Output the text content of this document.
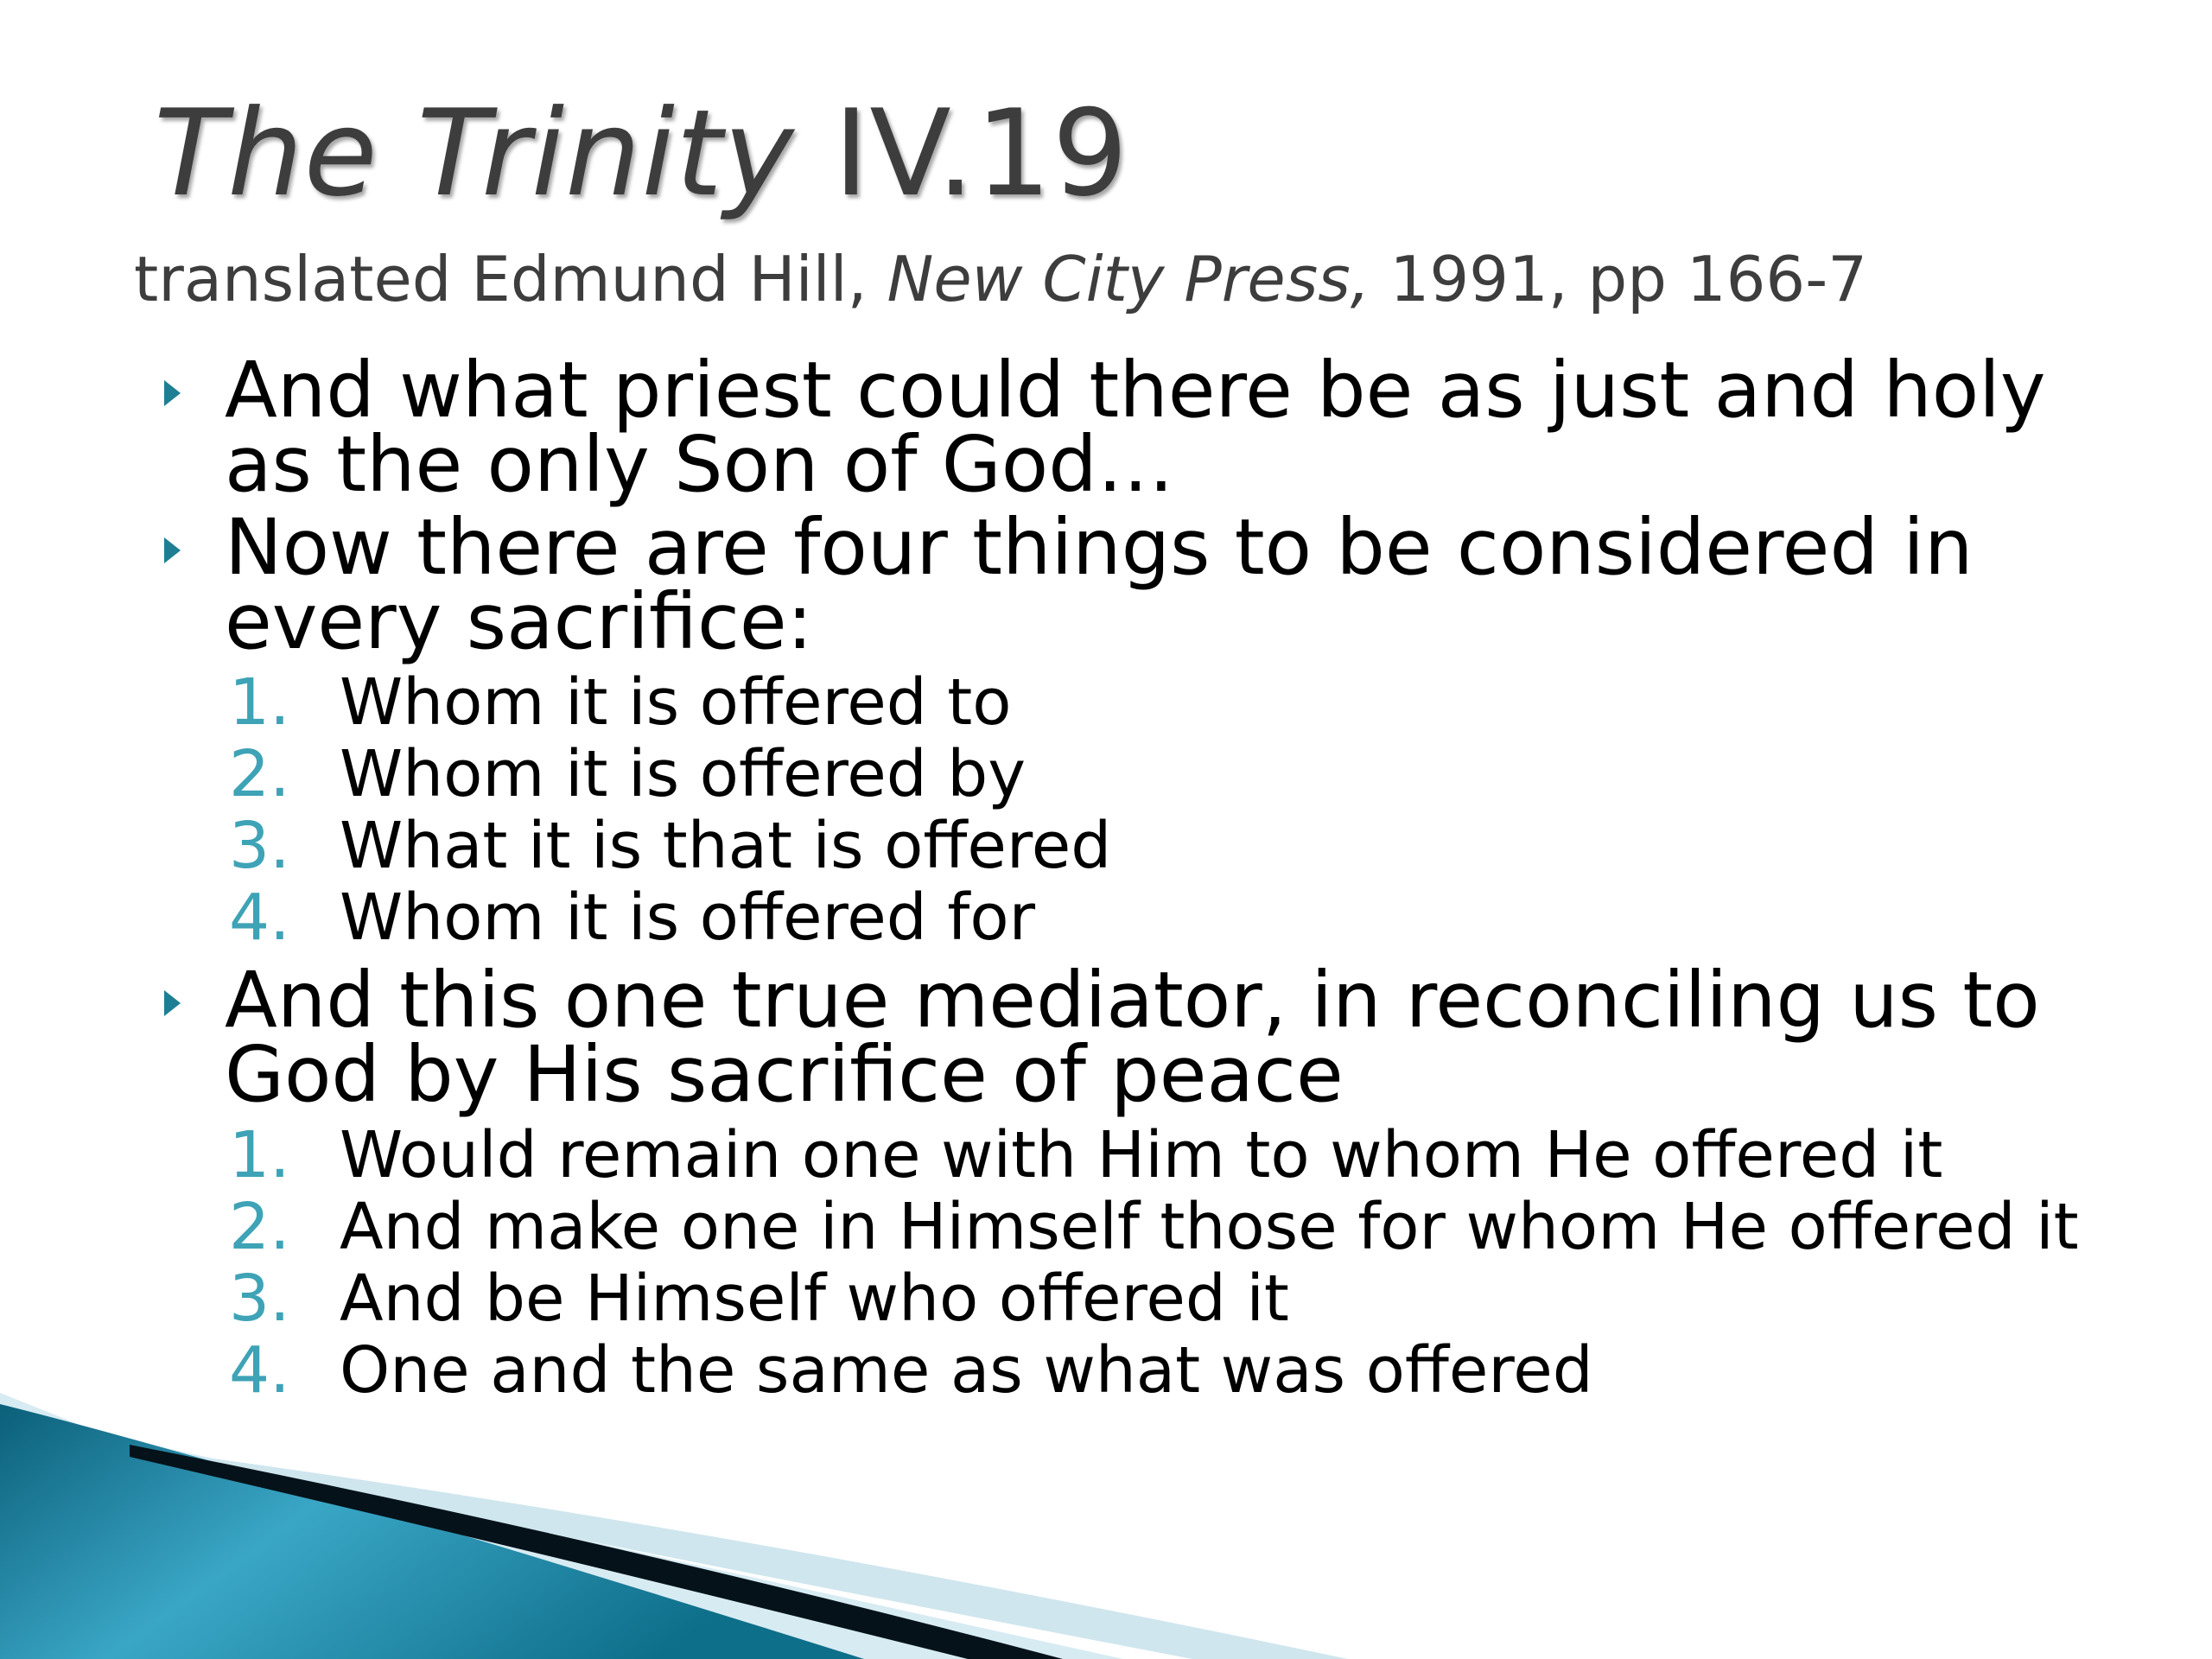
The Trinity IV.19

translated Edmund Hill, New City Press, 1991, pp 166-7

And what priest could there be as just and holy
as the only Son of God…
Now there are four things to be considered in
every sacrifice:
1. Whom it is offered to
2. Whom it is offered by
3. What it is that is offered
4. Whom it is offered for
And this one true mediator, in reconciling us to
God by His sacrifice of peace
1. Would remain one with Him to whom He offered it
2. And make one in Himself those for whom He offered it
3. And be Himself who offered it
4. One and the same as what was offered
